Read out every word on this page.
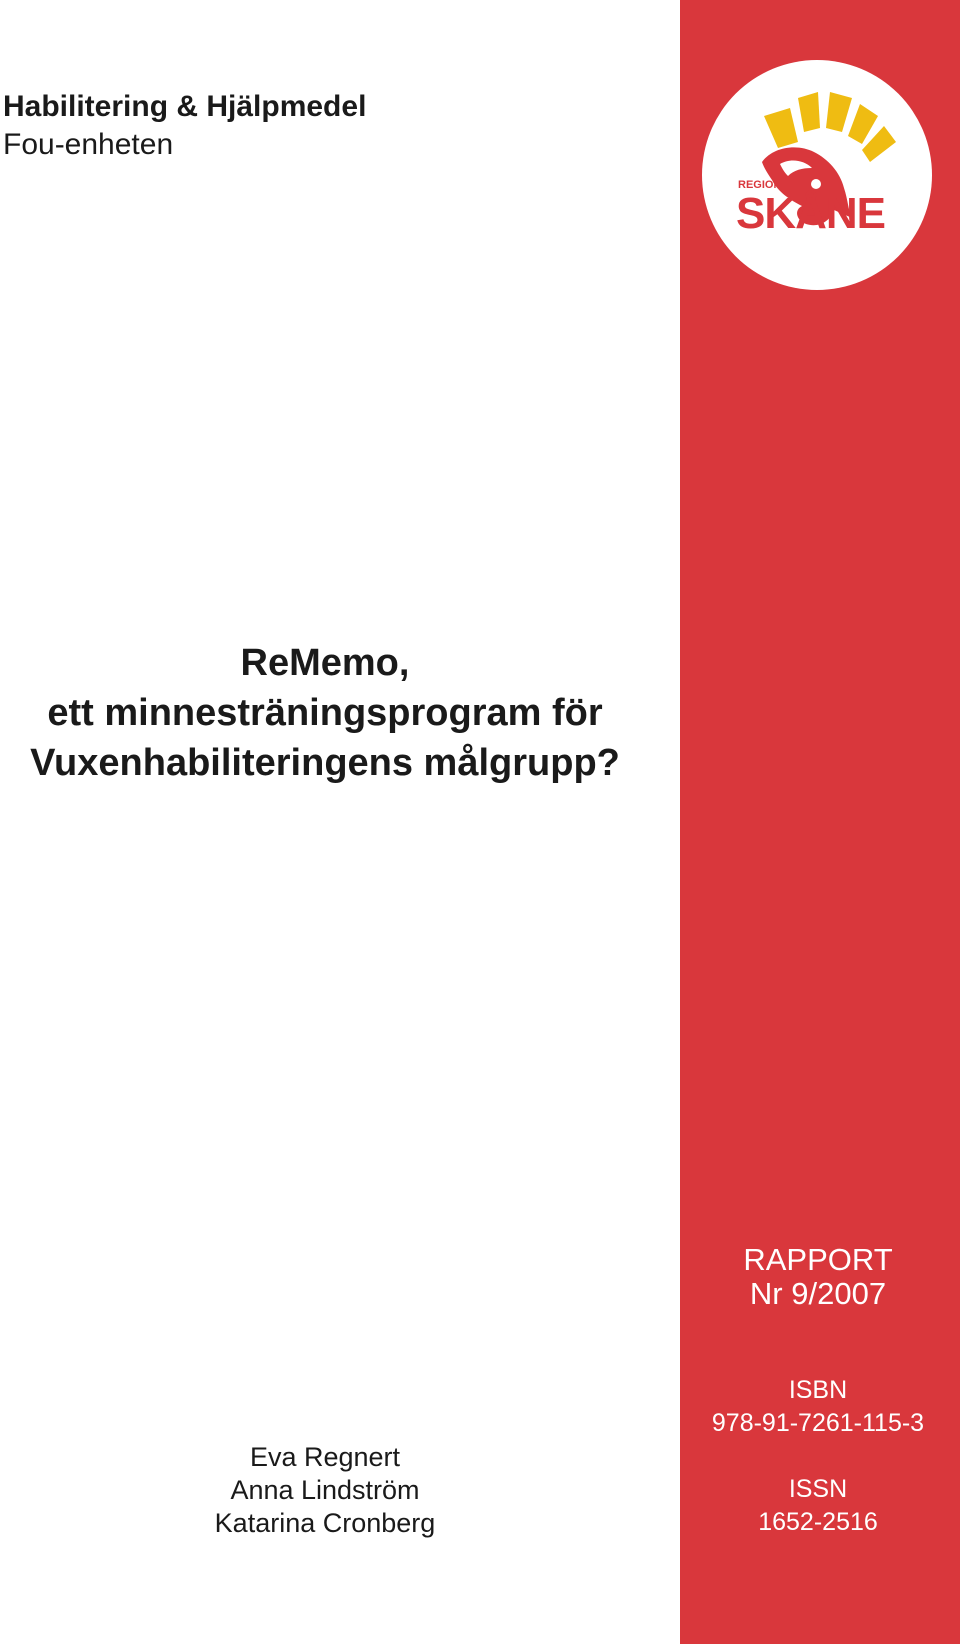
Habilitering & Hjälpmedel
Fou-enheten
ReMemo,
ett minnesträningsprogram för
Vuxenhabiliteringens målgrupp?
Eva Regnert
Anna Lindström
Katarina Cronberg
REGION
SKÅNE
RAPPORT
Nr 9/2007
ISBN
978-91-7261-115-3
ISSN
1652-2516
